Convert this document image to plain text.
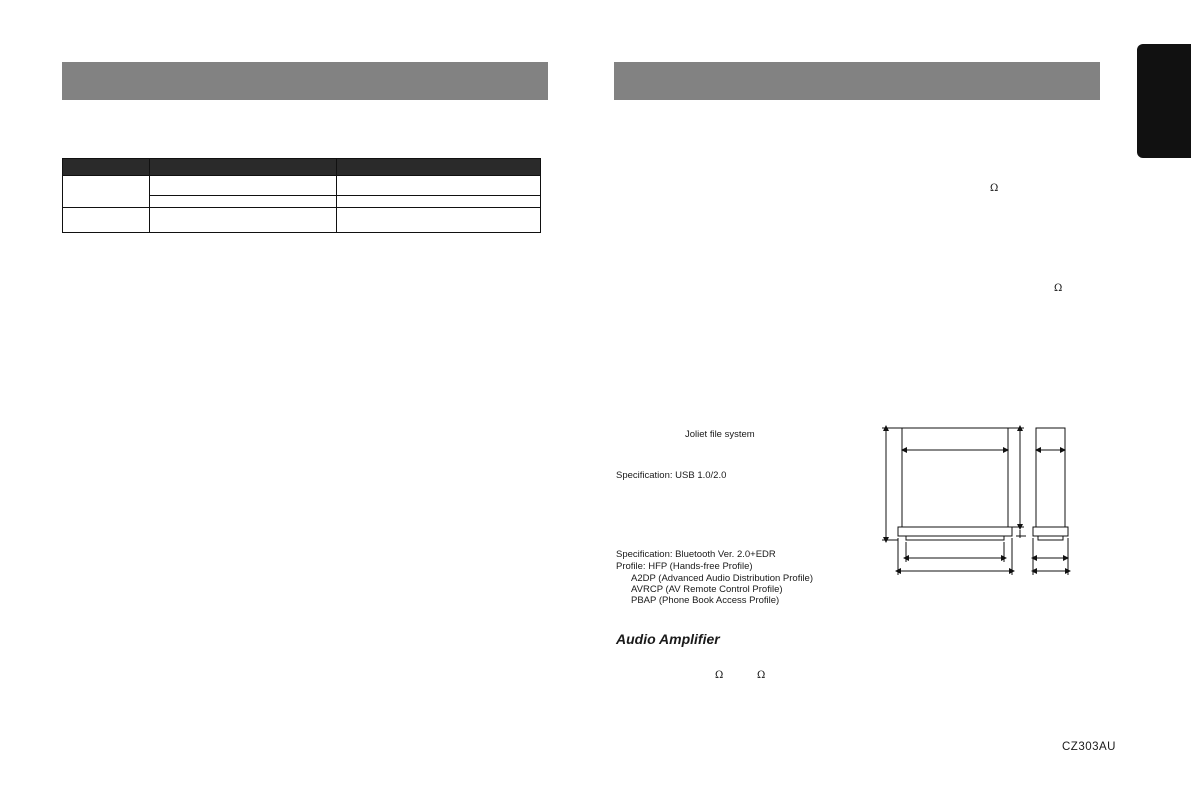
Ω
Ω
Joliet file system
Specification: USB 1.0/2.0
Specification: Bluetooth Ver. 2.0+EDR
Profile: HFP (Hands-free Profile)
A2DP (Advanced Audio Distribution Profile)
AVRCP (AV Remote Control Profile)
PBAP (Phone Book Access Profile)
Audio Amplifier
Ω	Ω
CZ303AU
